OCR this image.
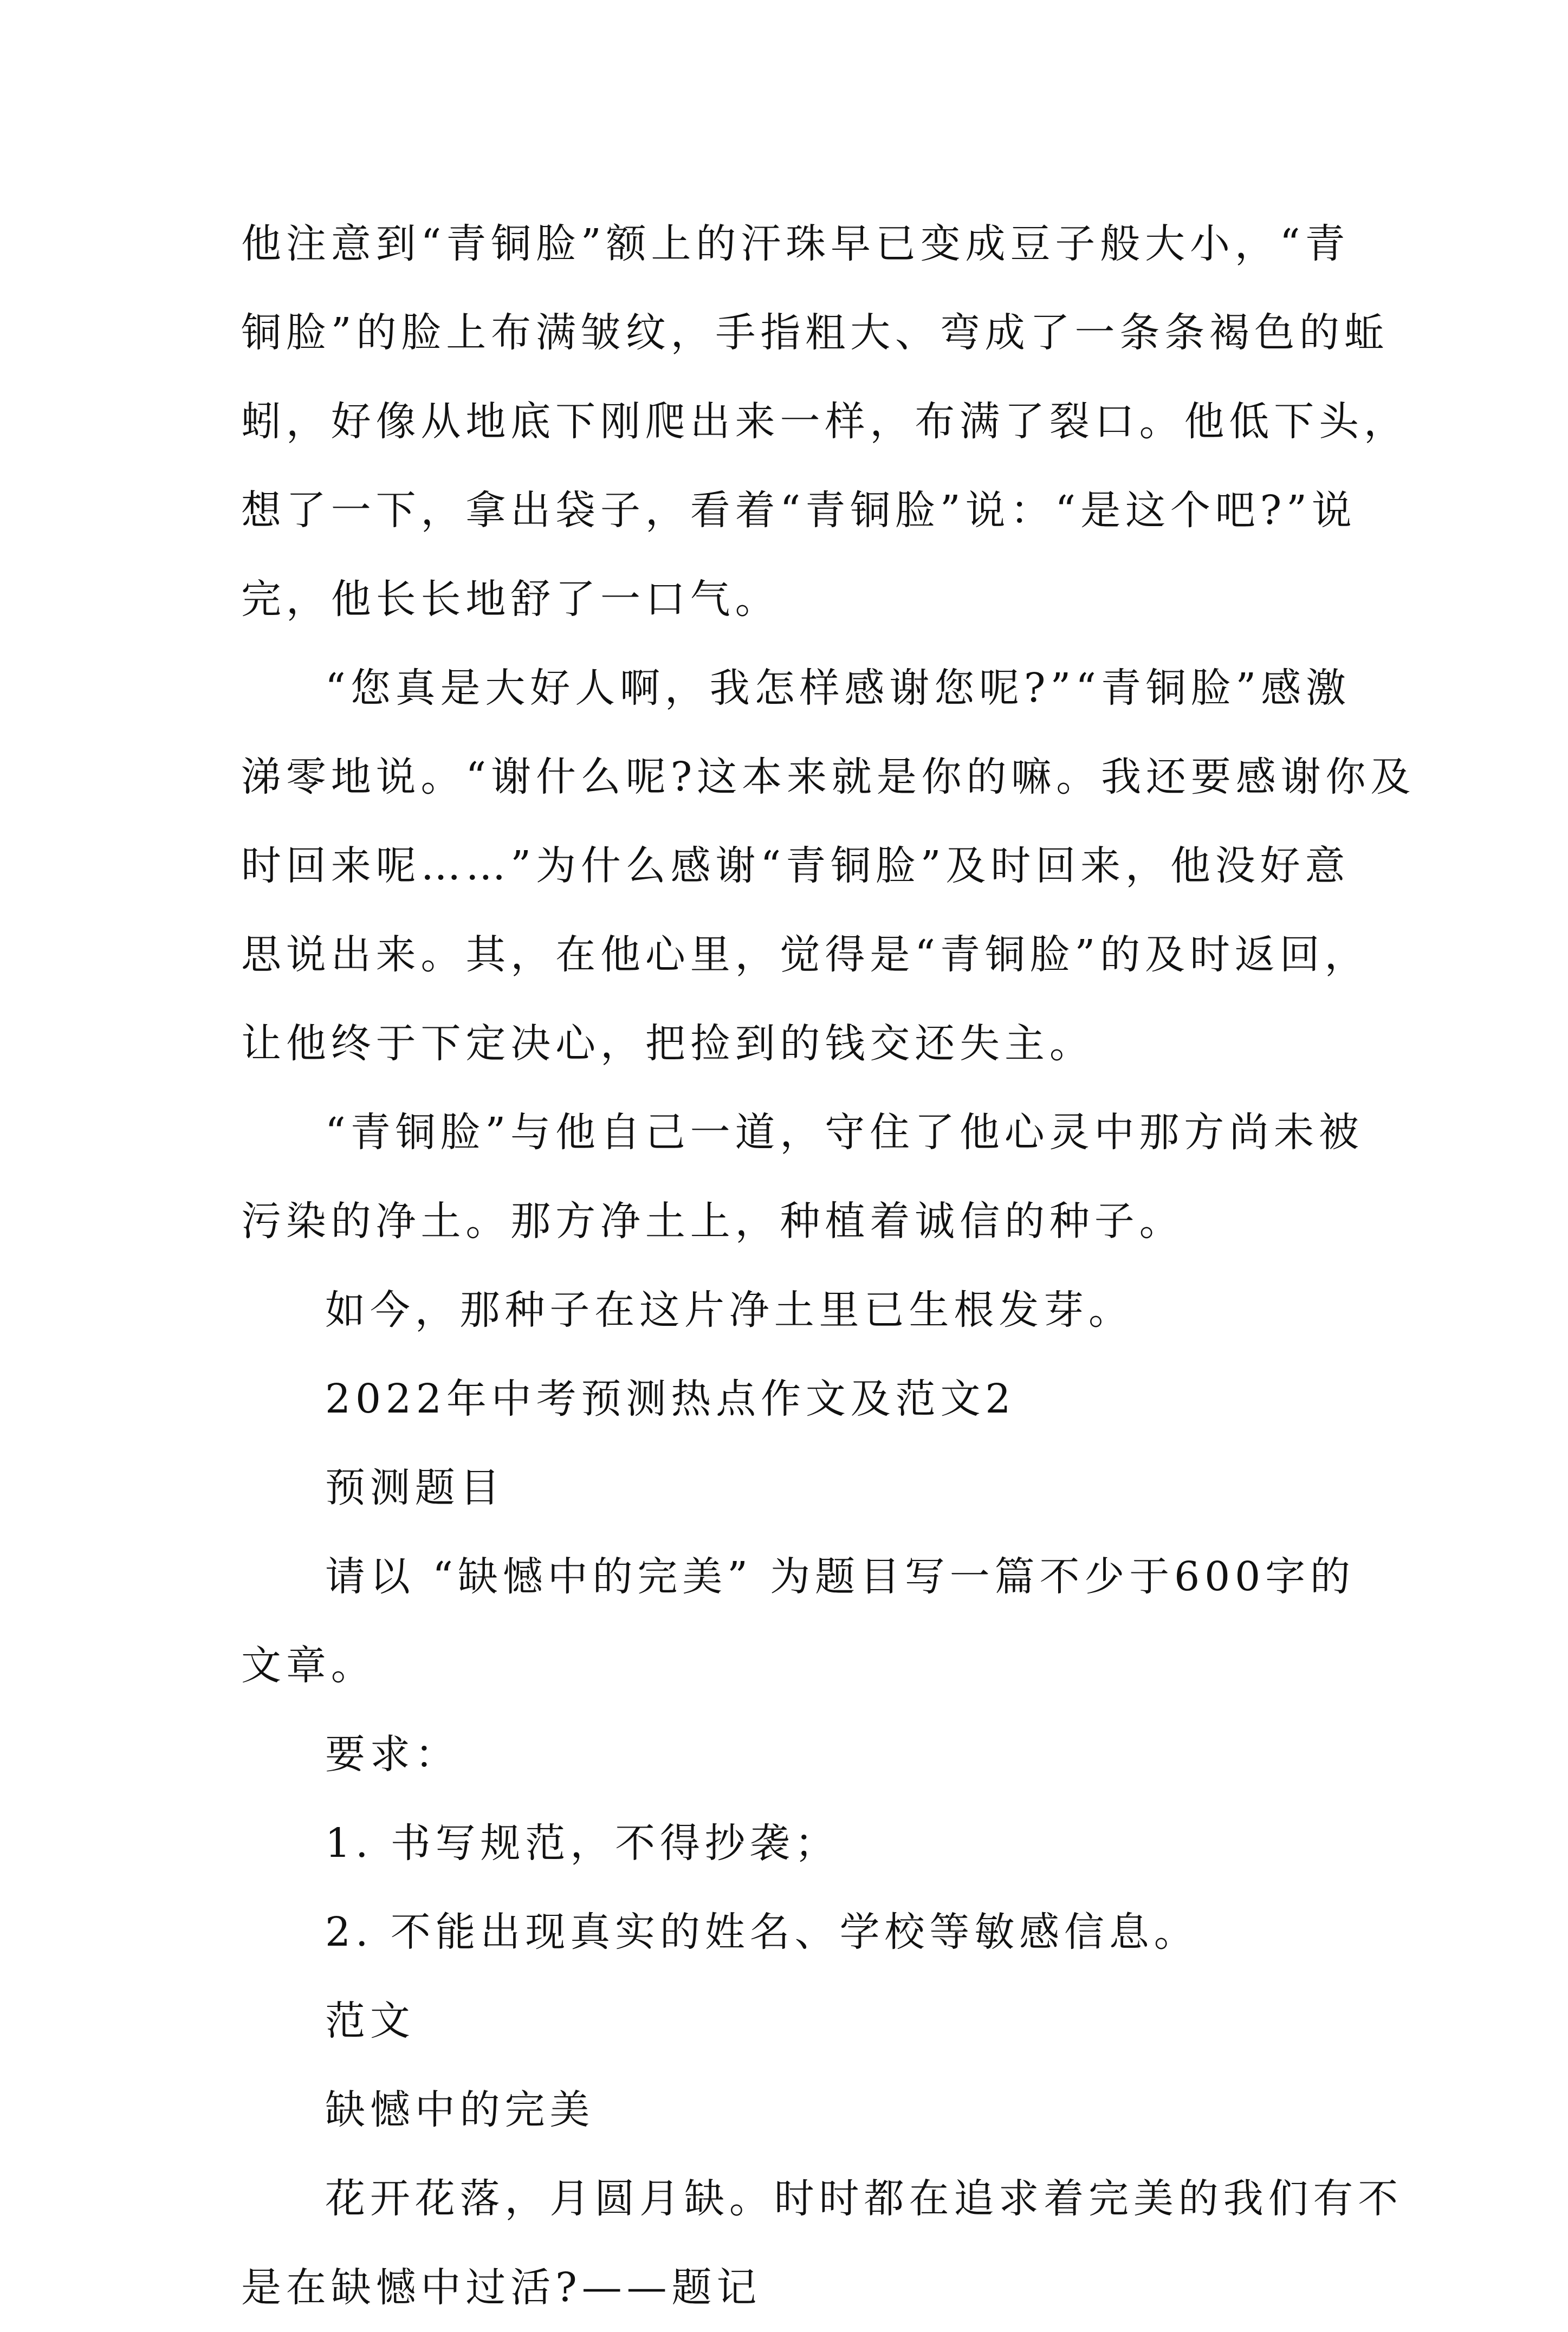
他注意到“青铜脸”额上的汗珠早已变成豆子般大小，“青
铜脸”的脸上布满皱纹，手指粗大、弯成了一条条褐色的蚯
蚓，好像从地底下刚爬出来一样，布满了裂口。他低下头，
想了一下，拿出袋子，看着“青铜脸”说：“是这个吧?”说
完，他长长地舒了一口气。
“您真是大好人啊，我怎样感谢您呢?”“青铜脸”感激
涕零地说。“谢什么呢?这本来就是你的嘛。我还要感谢你及
时回来呢……”为什么感谢“青铜脸”及时回来，他没好意
思说出来。其，在他心里，觉得是“青铜脸”的及时返回，
让他终于下定决心，把捡到的钱交还失主。
“青铜脸”与他自己一道，守住了他心灵中那方尚未被
污染的净土。那方净土上，种植着诚信的种子。
如今，那种子在这片净土里已生根发芽。
2022年中考预测热点作文及范文2
预测题目
请以 “缺憾中的完美” 为题目写一篇不少于600字的
文章。
要求：
1. 书写规范，不得抄袭；
2. 不能出现真实的姓名、学校等敏感信息。
范文
缺憾中的完美
花开花落，月圆月缺。时时都在追求着完美的我们有不
是在缺憾中过活?——题记
